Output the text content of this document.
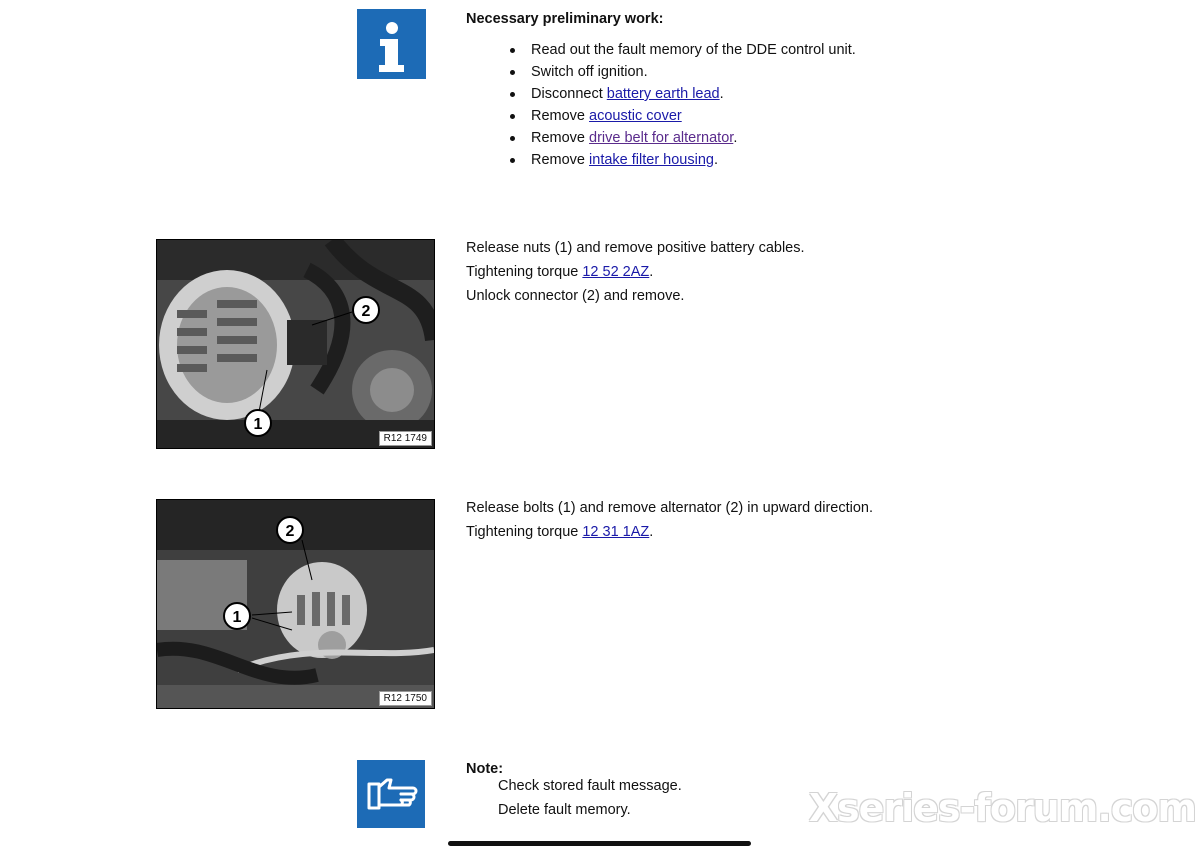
Necessary preliminary work:
Read out the fault memory of the DDE control unit.
Switch off ignition.
Disconnect battery earth lead.
Remove acoustic cover
Remove drive belt for alternator.
Remove intake filter housing.
1
2
R12 1749

Release nuts (1) and remove positive battery cables.

Tightening torque 12 52 2AZ.

Unlock connector (2) and remove.

1
2
R12 1750

Release bolts (1) and remove alternator (2) in upward direction.

Tightening torque 12 31 1AZ.

Note:

Check stored fault message.

Delete fault memory.	Xseries-forum.com
